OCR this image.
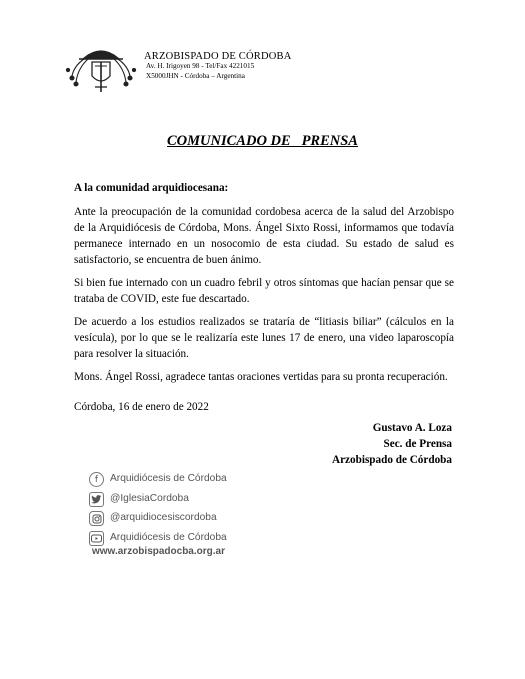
ARZOBISPADO DE CÓRDOBA
Av. H. Irigoyen 98 - Tel/Fax 4221015
X5000JHN - Córdoba – Argentina
COMUNICADO DE   PRENSA

A la comunidad arquidiocesana:

Ante la preocupación de la comunidad cordobesa acerca de la salud del Arzobispo de la Arquidiócesis de Córdoba, Mons. Ángel Sixto Rossi, informamos que todavía permanece internado en un nosocomio de esta ciudad. Su estado de salud es satisfactorio, se encuentra de buen ánimo.

Si bien fue internado con un cuadro febril y otros síntomas que hacían pensar que se trataba de COVID, este fue descartado.

De acuerdo a los estudios realizados se trataría de “litiasis biliar” (cálculos en la vesícula), por lo que se le realizaría este lunes 17 de enero, una video laparoscopía para resolver la situación.

Mons. Ángel Rossi, agradece tantas oraciones vertidas para su pronta recuperación.

Córdoba, 16 de enero de 2022
Gustavo A. Loza
Sec. de Prensa
Arzobispado de Córdoba
f Arquidiócesis de Córdoba
@IglesiaCordoba
@arquidiocesiscordoba
Arquidiócesis de Córdoba
www.arzobispadocba.org.ar
